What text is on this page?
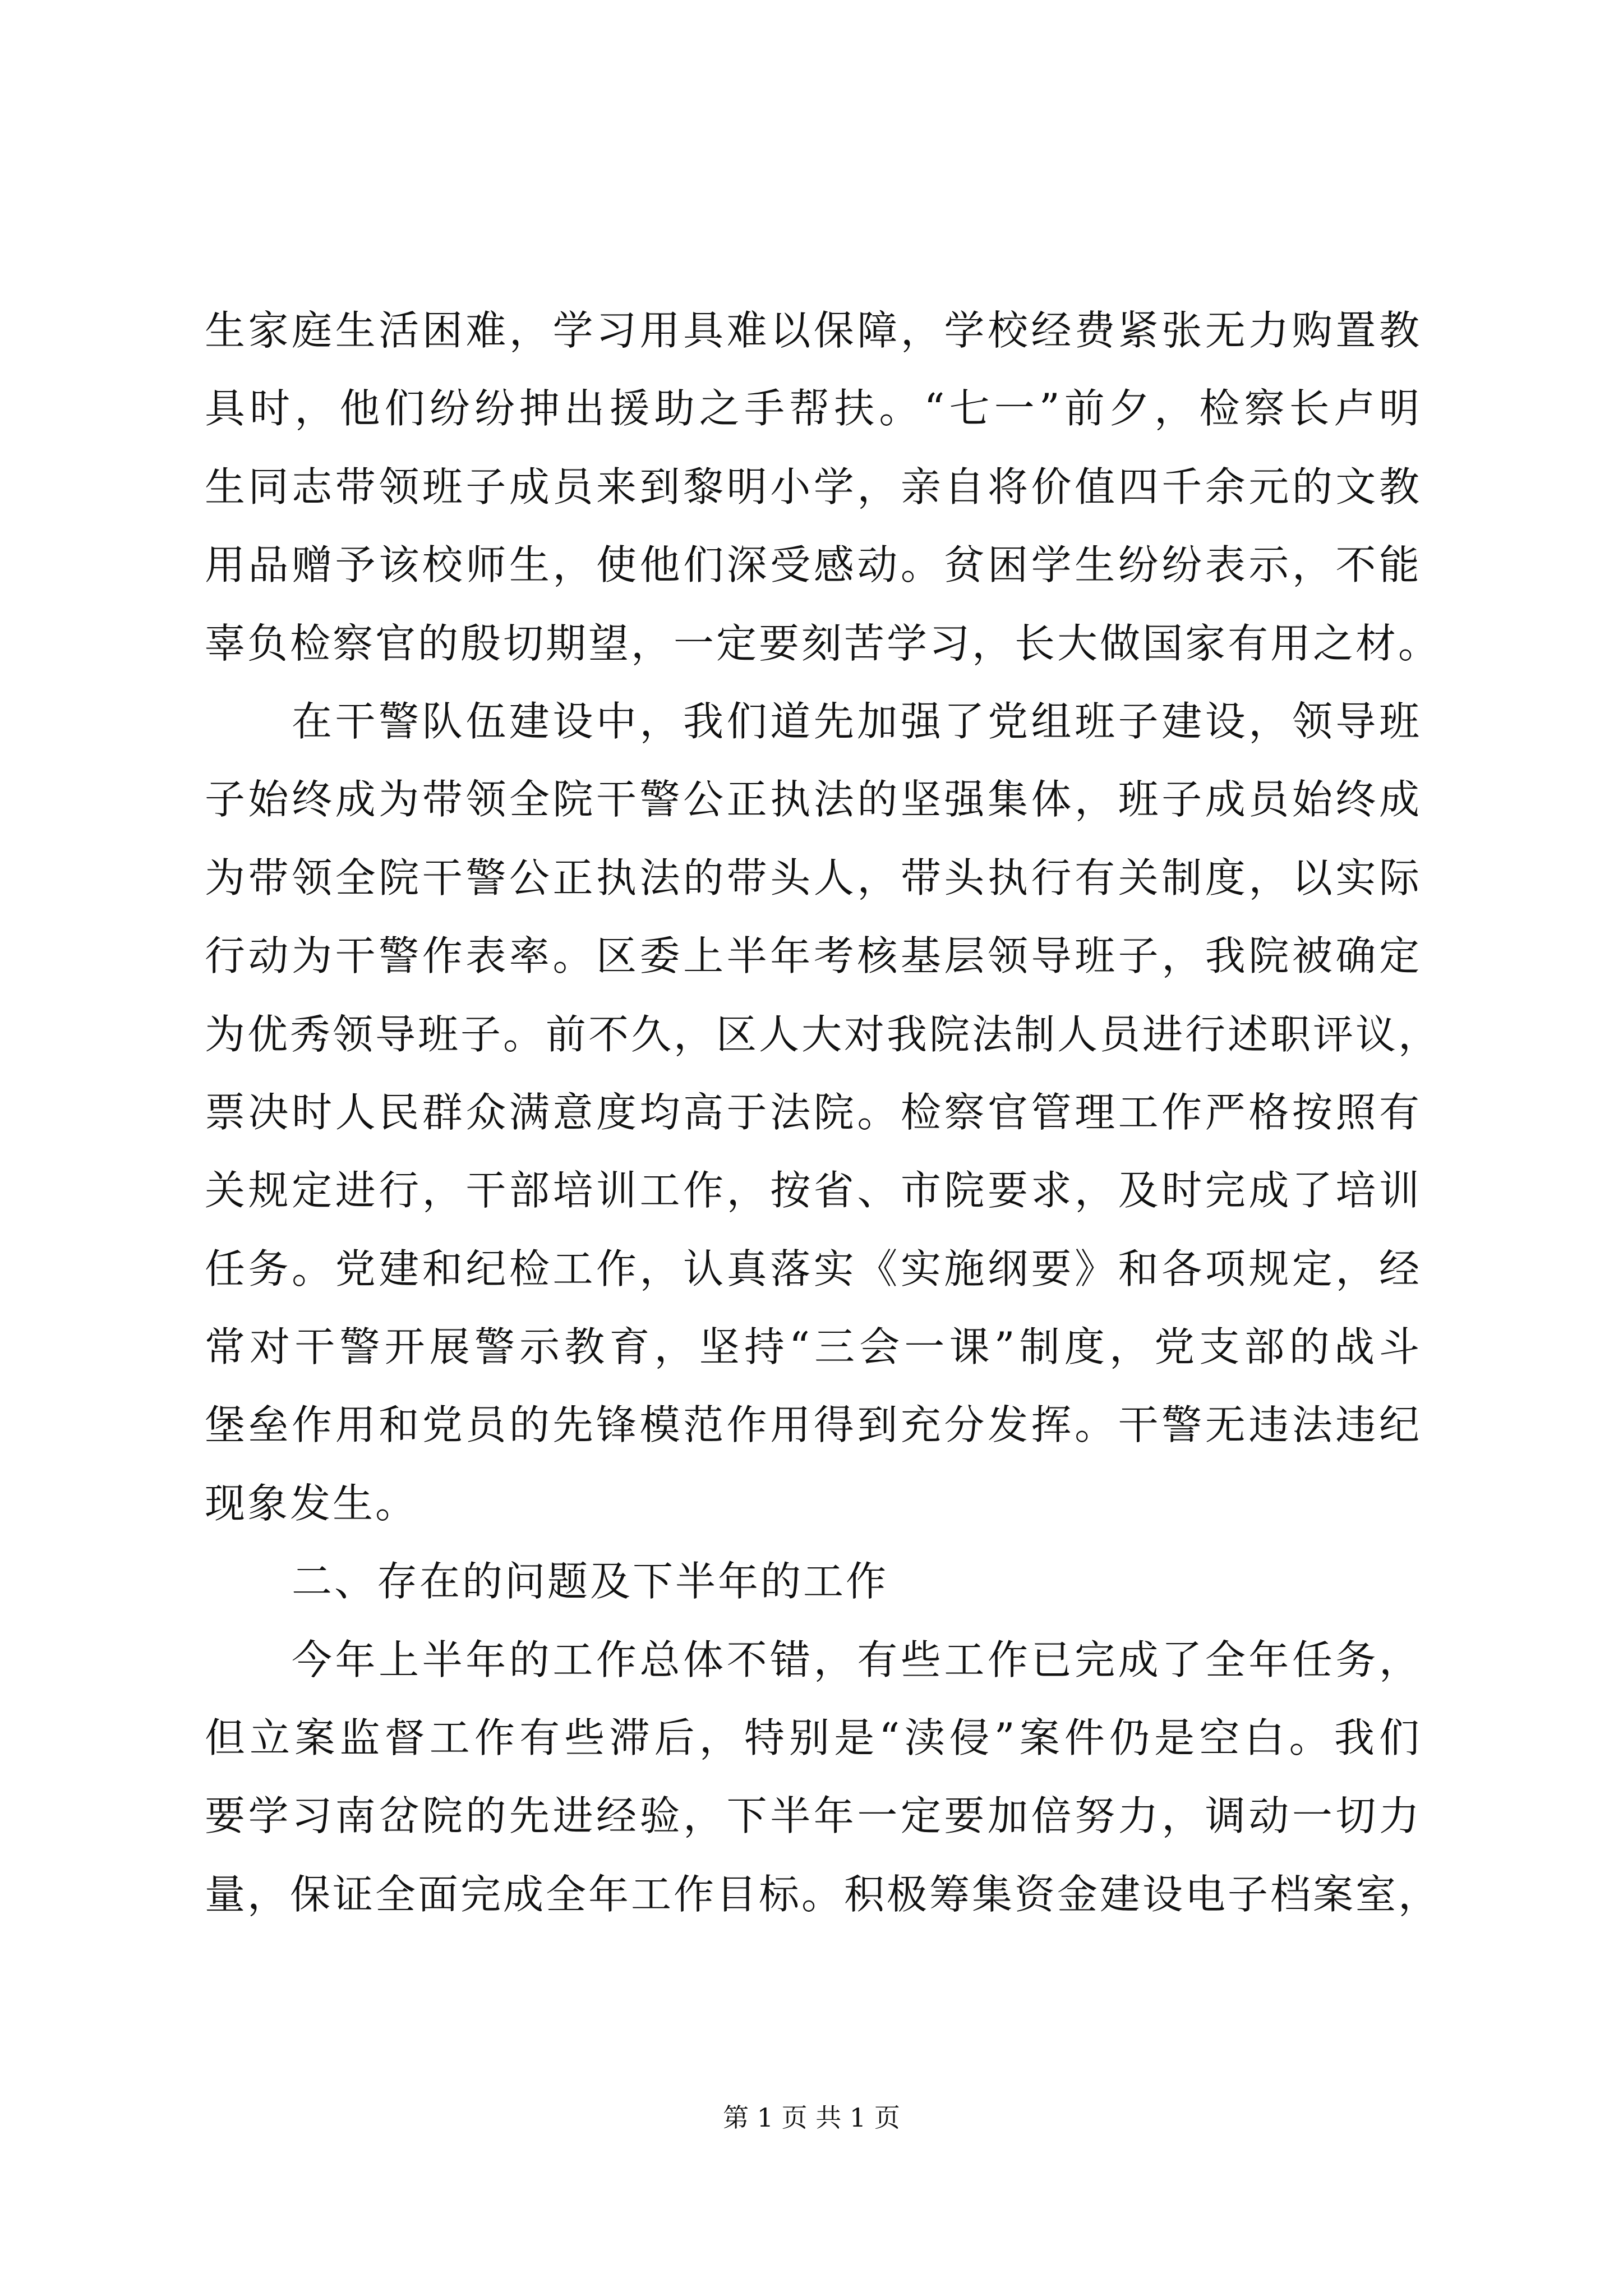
生家庭生活困难，学习用具难以保障，学校经费紧张无力购置教
具时，他们纷纷抻出援助之手帮扶。“七一”前夕，检察长卢明
生同志带领班子成员来到黎明小学，亲自将价值四千余元的文教
用品赠予该校师生，使他们深受感动。贫困学生纷纷表示，不能
辜负检察官的殷切期望，一定要刻苦学习，长大做国家有用之材。
在干警队伍建设中，我们道先加强了党组班子建设，领导班
子始终成为带领全院干警公正执法的坚强集体，班子成员始终成
为带领全院干警公正执法的带头人，带头执行有关制度，以实际
行动为干警作表率。区委上半年考核基层领导班子，我院被确定
为优秀领导班子。前不久，区人大对我院法制人员进行述职评议，
票决时人民群众满意度均高于法院。检察官管理工作严格按照有
关规定进行，干部培训工作，按省、市院要求，及时完成了培训
任务。党建和纪检工作，认真落实《实施纲要》和各项规定，经
常对干警开展警示教育，坚持“三会一课”制度，党支部的战斗
堡垒作用和党员的先锋模范作用得到充分发挥。干警无违法违纪
现象发生。
二、存在的问题及下半年的工作
今年上半年的工作总体不错，有些工作已完成了全年任务，
但立案监督工作有些滞后，特别是“渎侵”案件仍是空白。我们
要学习南岔院的先进经验，下半年一定要加倍努力，调动一切力
量，保证全面完成全年工作目标。积极筹集资金建设电子档案室，
第 1 页 共 1 页
